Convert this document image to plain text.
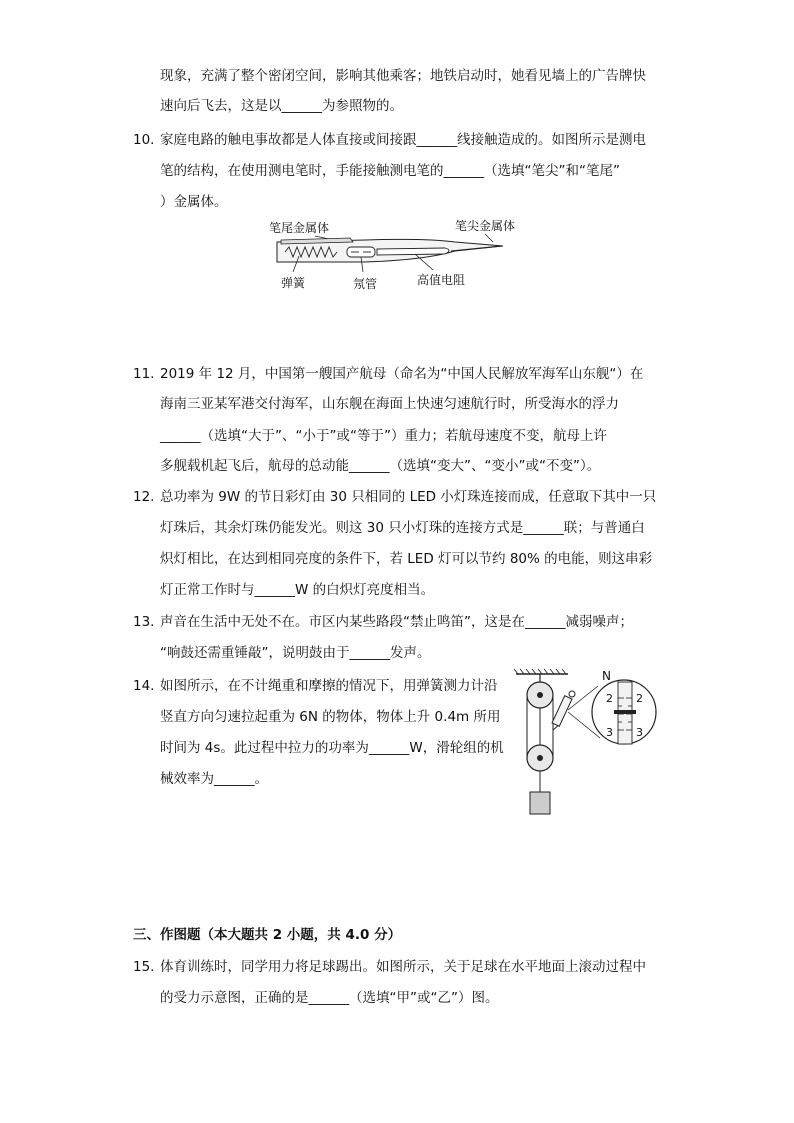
现象，充满了整个密闭空间，影响其他乘客；地铁启动时，她看见墙上的广告牌快
速向后飞去，这是以______为参照物的。
10. 家庭电路的触电事故都是人体直接或间接跟______线接触造成的。如图所示是测电
笔的结构，在使用测电笔时，手能接触测电笔的______（选填“笔尖”和“笔尾”
）金属体。
笔尾金属体	笔尖金属体
弹簧	氖管	高值电阻
11. 2019 年 12 月，中国第一艘国产航母（命名为“中国人民解放军海军山东舰“）在
海南三亚某军港交付海军，山东舰在海面上快速匀速航行时，所受海水的浮力
______（选填“大于”、“小于”或“等于”）重力；若航母速度不变，航母上许
多舰载机起飞后，航母的总动能______（选填“变大”、“变小”或“不变”）。
12. 总功率为 9W 的节日彩灯由 30 只相同的 LED 小灯珠连接而成，任意取下其中一只
灯珠后，其余灯珠仍能发光。则这 30 只小灯珠的连接方式是______联；与普通白
炽灯相比，在达到相同亮度的条件下，若 LED 灯可以节约 80% 的电能，则这串彩
灯正常工作时与______W 的白炽灯亮度相当。
13. 声音在生活中无处不在。市区内某些路段“禁止鸣笛”，这是在______减弱噪声；
“响鼓还需重锤敲”，说明鼓由于______发声。
14. 如图所示，在不计绳重和摩擦的情况下，用弹簧测力计沿
竖直方向匀速拉起重为 6N 的物体，物体上升 0.4m 所用
时间为 4s。此过程中拉力的功率为______W，滑轮组的机
械效率为______。
N
2 2
3 3
三、作图题（本大题共 2 小题，共 4.0 分）
15. 体育训练时，同学用力将足球踢出。如图所示，关于足球在水平地面上滚动过程中
的受力示意图，正确的是______（选填“甲”或“乙”）图。
